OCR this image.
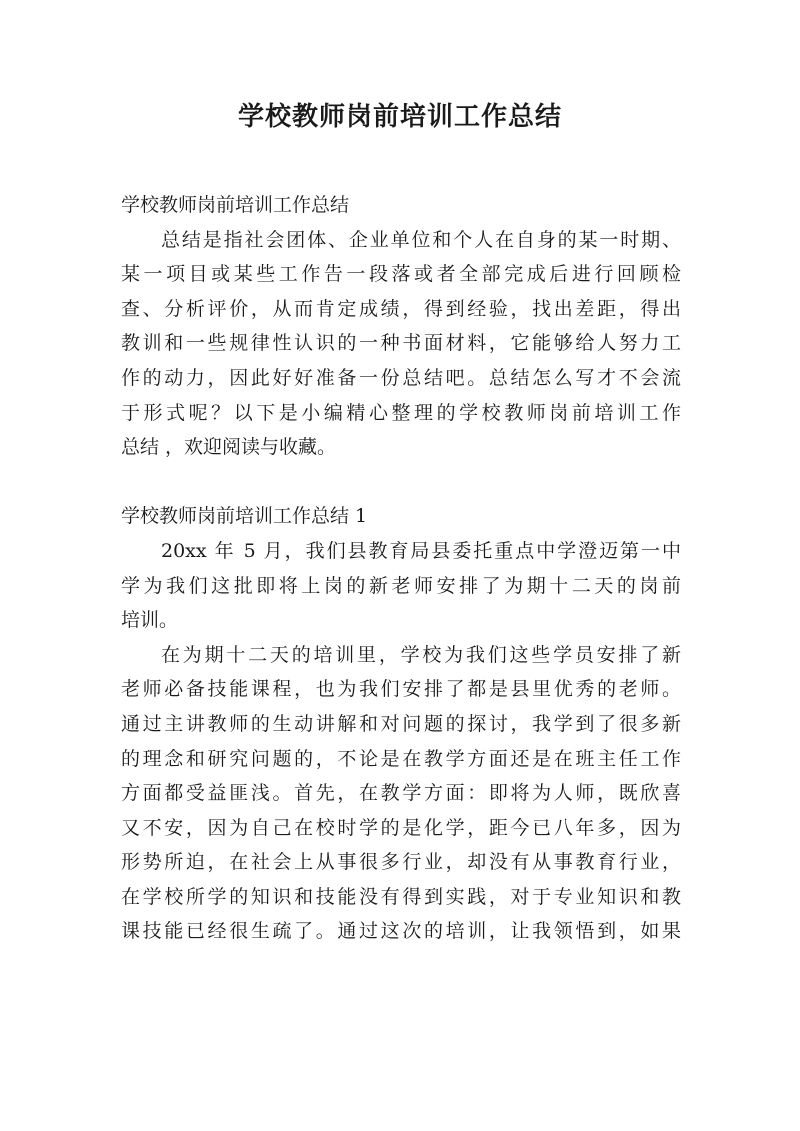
学校教师岗前培训工作总结
学校教师岗前培训工作总结
总结是指社会团体、企业单位和个人在自身的某一时期、
某一项目或某些工作告一段落或者全部完成后进行回顾检
查、分析评价，从而肯定成绩，得到经验，找出差距，得出
教训和一些规律性认识的一种书面材料，它能够给人努力工
作的动力，因此好好准备一份总结吧。总结怎么写才不会流
于形式呢？以下是小编精心整理的学校教师岗前培训工作
总结 ，欢迎阅读与收藏。
学校教师岗前培训工作总结 1
20xx 年 5 月，我们县教育局县委托重点中学澄迈第一中
学为我们这批即将上岗的新老师安排了为期十二天的岗前
培训。
在为期十二天的培训里，学校为我们这些学员安排了新
老师必备技能课程，也为我们安排了都是县里优秀的老师。
通过主讲教师的生动讲解和对问题的探讨，我学到了很多新
的理念和研究问题的，不论是在教学方面还是在班主任工作
方面都受益匪浅。首先，在教学方面：即将为人师，既欣喜
又不安，因为自己在校时学的是化学，距今已八年多，因为
形势所迫，在社会上从事很多行业，却没有从事教育行业，
在学校所学的知识和技能没有得到实践，对于专业知识和教
课技能已经很生疏了。通过这次的培训，让我领悟到，如果
